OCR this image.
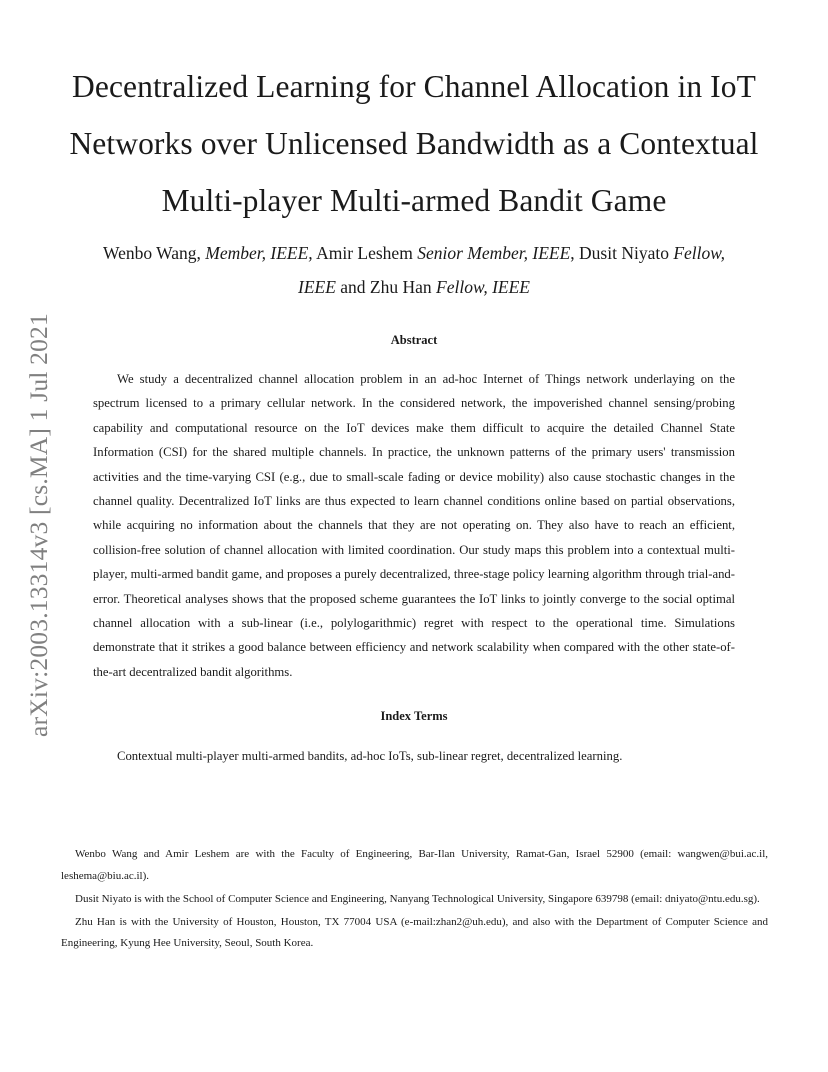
arXiv:2003.13314v3 [cs.MA] 1 Jul 2021
Decentralized Learning for Channel Allocation in IoT Networks over Unlicensed Bandwidth as a Contextual Multi-player Multi-armed Bandit Game
Wenbo Wang, Member, IEEE, Amir Leshem Senior Member, IEEE, Dusit Niyato Fellow, IEEE and Zhu Han Fellow, IEEE
Abstract

We study a decentralized channel allocation problem in an ad-hoc Internet of Things network underlaying on the spectrum licensed to a primary cellular network. In the considered network, the impoverished channel sensing/probing capability and computational resource on the IoT devices make them difficult to acquire the detailed Channel State Information (CSI) for the shared multiple channels. In practice, the unknown patterns of the primary users' transmission activities and the time-varying CSI (e.g., due to small-scale fading or device mobility) also cause stochastic changes in the channel quality. Decentralized IoT links are thus expected to learn channel conditions online based on partial observations, while acquiring no information about the channels that they are not operating on. They also have to reach an efficient, collision-free solution of channel allocation with limited coordination. Our study maps this problem into a contextual multi-player, multi-armed bandit game, and proposes a purely decentralized, three-stage policy learning algorithm through trial-and-error. Theoretical analyses shows that the proposed scheme guarantees the IoT links to jointly converge to the social optimal channel allocation with a sub-linear (i.e., polylogarithmic) regret with respect to the operational time. Simulations demonstrate that it strikes a good balance between efficiency and network scalability when compared with the other state-of-the-art decentralized bandit algorithms.

Index Terms

Contextual multi-player multi-armed bandits, ad-hoc IoTs, sub-linear regret, decentralized learning.

Wenbo Wang and Amir Leshem are with the Faculty of Engineering, Bar-Ilan University, Ramat-Gan, Israel 52900 (email: wangwen@bui.ac.il, leshema@biu.ac.il).

Dusit Niyato is with the School of Computer Science and Engineering, Nanyang Technological University, Singapore 639798 (email: dniyato@ntu.edu.sg).

Zhu Han is with the University of Houston, Houston, TX 77004 USA (e-mail:zhan2@uh.edu), and also with the Department of Computer Science and Engineering, Kyung Hee University, Seoul, South Korea.
